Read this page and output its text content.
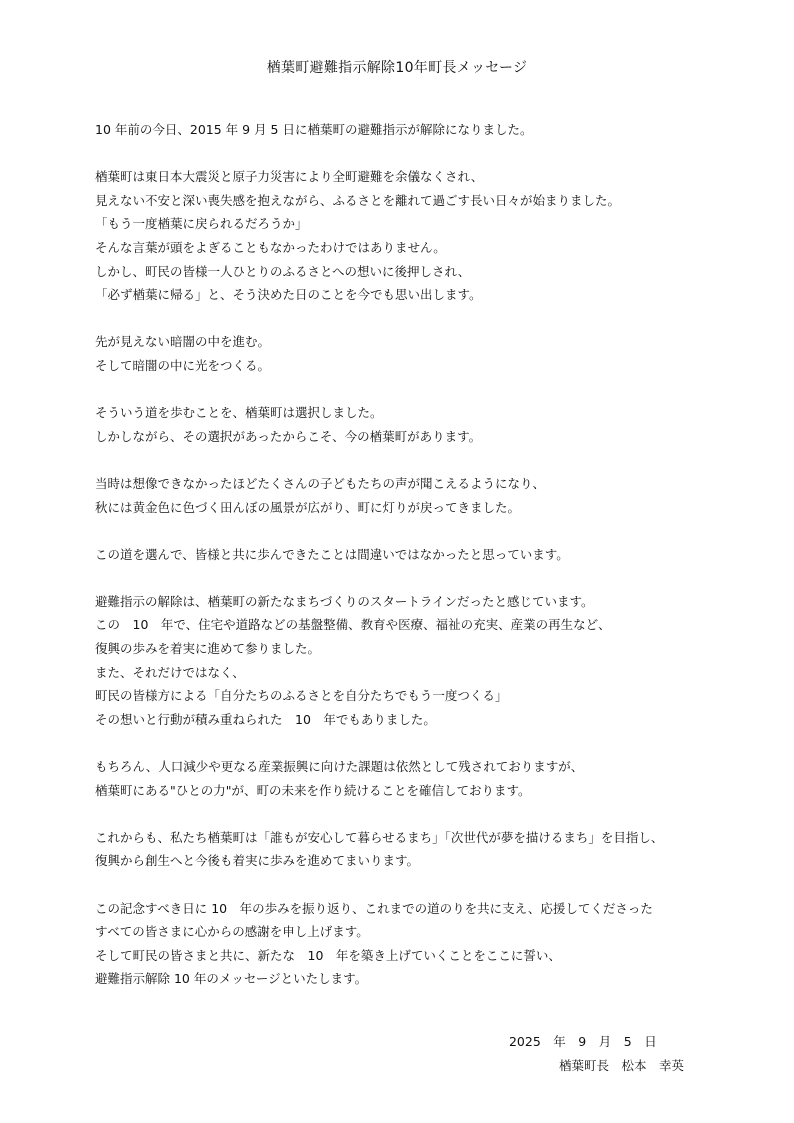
楢葉町避難指示解除10年町長メッセージ
10 年前の今日、2015 年 9 月 5 日に楢葉町の避難指示が解除になりました。
楢葉町は東日本大震災と原子力災害により全町避難を余儀なくされ、
見えない不安と深い喪失感を抱えながら、ふるさとを離れて過ごす長い日々が始まりました。
「もう一度楢葉に戻られるだろうか」
そんな言葉が頭をよぎることもなかったわけではありません。
しかし、町民の皆様一人ひとりのふるさとへの想いに後押しされ、
「必ず楢葉に帰る」と、そう決めた日のことを今でも思い出します。
先が見えない暗闇の中を進む。
そして暗闇の中に光をつくる。
そういう道を歩むことを、楢葉町は選択しました。
しかしながら、その選択があったからこそ、今の楢葉町があります。
当時は想像できなかったほどたくさんの子どもたちの声が聞こえるようになり、
秋には黄金色に色づく田んぼの風景が広がり、町に灯りが戻ってきました。
この道を選んで、皆様と共に歩んできたことは間違いではなかったと思っています。
避難指示の解除は、楢葉町の新たなまちづくりのスタートラインだったと感じています。
この　10　年で、住宅や道路などの基盤整備、教育や医療、福祉の充実、産業の再生など、
復興の歩みを着実に進めて参りました。
また、それだけではなく、
町民の皆様方による「自分たちのふるさとを自分たちでもう一度つくる」
その想いと行動が積み重ねられた　10　年でもありました。
もちろん、人口減少や更なる産業振興に向けた課題は依然として残されておりますが、
楢葉町にある"ひとの力"が、町の未来を作り続けることを確信しております。
これからも、私たち楢葉町は「誰もが安心して暮らせるまち」「次世代が夢を描けるまち」を目指し、
復興から創生へと今後も着実に歩みを進めてまいります。
この記念すべき日に 10　年の歩みを振り返り、これまでの道のりを共に支え、応援してくださった
すべての皆さまに心からの感謝を申し上げます。
そして町民の皆さまと共に、新たな　10　年を築き上げていくことをここに誓い、
避難指示解除 10 年のメッセージといたします。
2025　年　9　月　5　日
楢葉町長　松本　幸英
